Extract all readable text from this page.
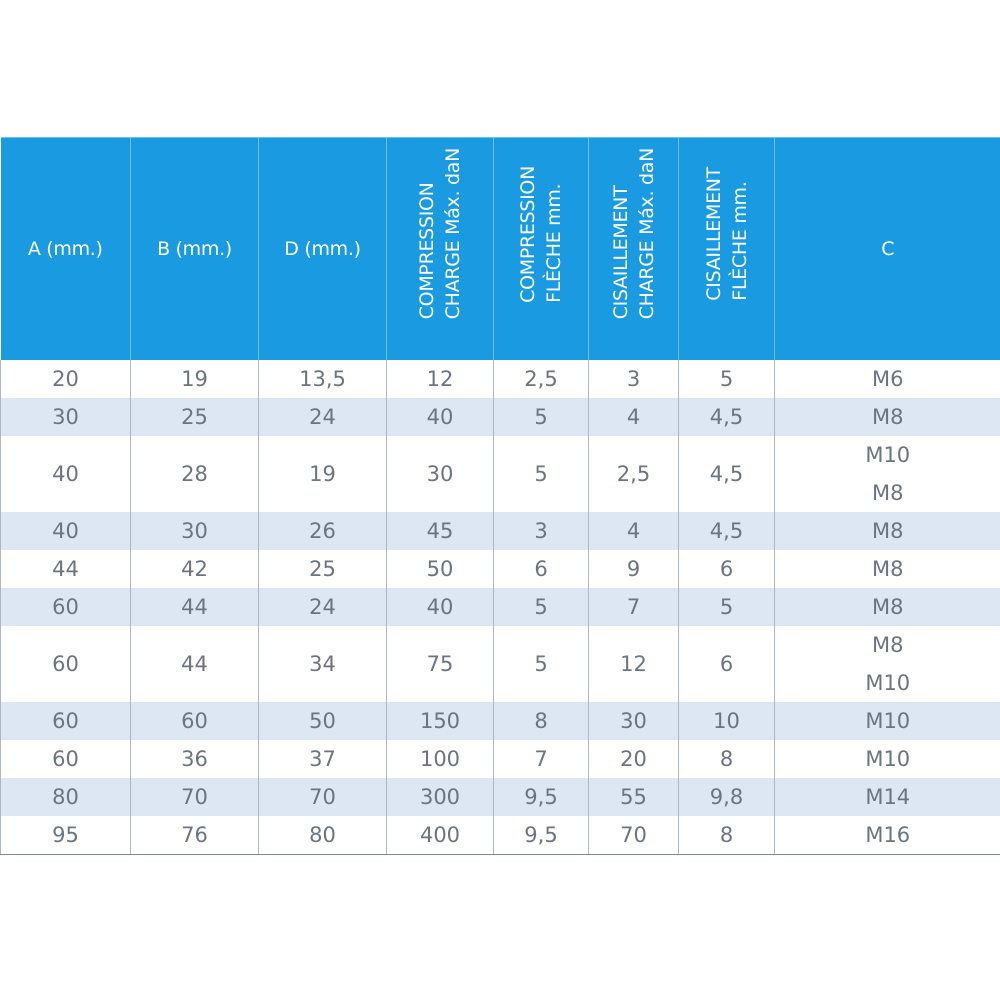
A (mm.)	B (mm.)	D (mm.)	COMPRESSION CHARGE Máx. daN	COMPRESSION FLÈCHE mm.	CISAILLEMENT CHARGE Máx. daN	CISAILLEMENT FLÈCHE mm.	C
20	19	13,5	12	2,5	3	5	M6

30	25	24	40	5	4	4,5	M8

40	28	19	30	5	2,5	4,5	M10
M8

40	30	26	45	3	4	4,5	M8

44	42	25	50	6	9	6	M8

60	44	24	40	5	7	5	M8

60	44	34	75	5	12	6	M8
M10

60	60	50	150	8	30	10	M10

60	36	37	100	7	20	8	M10

80	70	70	300	9,5	55	9,8	M14

95	76	80	400	9,5	70	8	M16
